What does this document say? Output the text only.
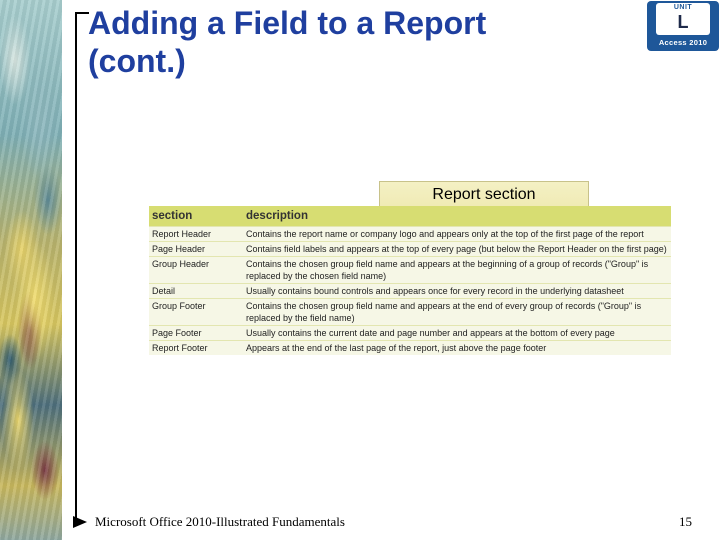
Adding a Field to a Report (cont.)
UNIT
L
Access 2010
Report section
section	description
Report Header	Contains the report name or company logo and appears only at the top of the first page of the report
Page Header	Contains field labels and appears at the top of every page (but below the Report Header on the first page)
Group Header	Contains the chosen group field name and appears at the beginning of a group of records ("Group" is replaced by the chosen field name)
Detail	Usually contains bound controls and appears once for every record in the underlying datasheet
Group Footer	Contains the chosen group field name and appears at the end of every group of records ("Group" is replaced by the field name)
Page Footer	Usually contains the current date and page number and appears at the bottom of every page
Report Footer	Appears at the end of the last page of the report, just above the page footer
Microsoft Office 2010-Illustrated Fundamentals	15
